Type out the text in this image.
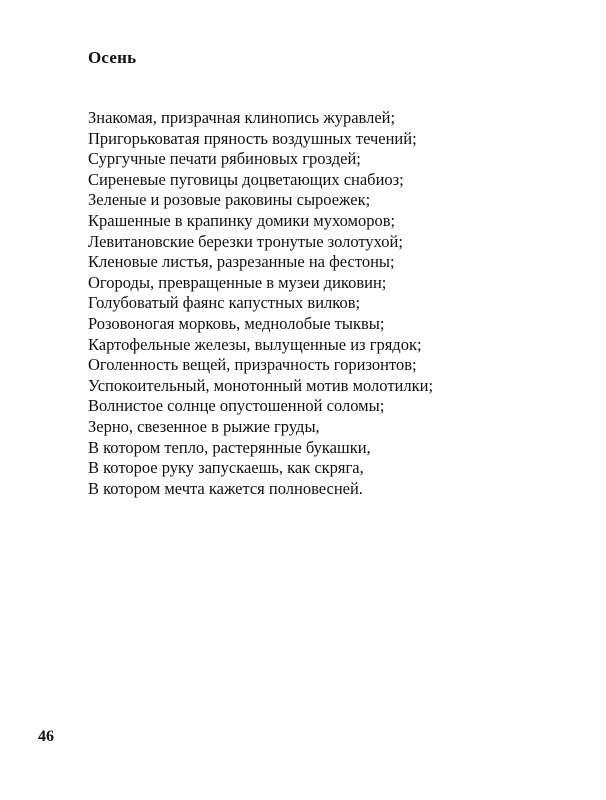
Осень
Знакомая, призрачная клинопись журавлей;
Пригорьковатая пряность воздушных течений;
Сургучные печати рябиновых гроздей;
Сиреневые пуговицы доцветающих снабиоз;
Зеленые и розовые раковины сыроежек;
Крашенные в крапинку домики мухоморов;
Левитановские березки тронутые золотухой;
Кленовые листья, разрезанные на фестоны;
Огороды, превращенные в музеи диковин;
Голубоватый фаянс капустных вилков;
Розовоногая морковь, меднолобые тыквы;
Картофельные железы, вылущенные из грядок;
Оголенность вещей, призрачность горизонтов;
Успокоительный, монотонный мотив молотилки;
Волнистое солнце опустошенной соломы;
Зерно, свезенное в рыжие груды,
В котором тепло, растерянные букашки,
В которое руку запускаешь, как скряга,
В котором мечта кажется полновесней.
46
